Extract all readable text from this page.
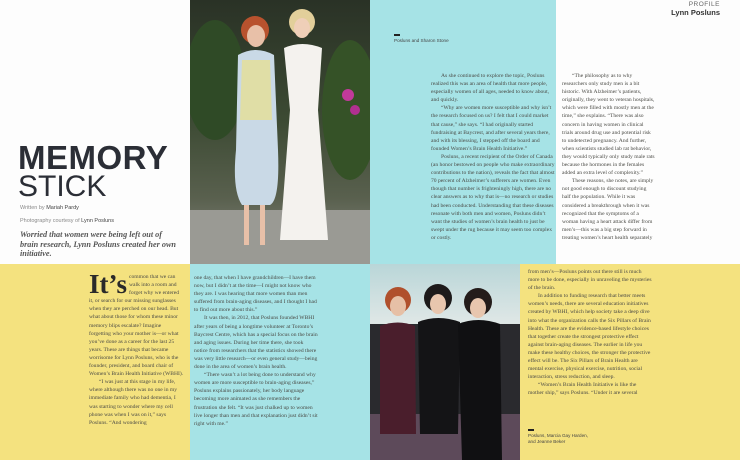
PROFILE
Lynn Posluns
MEMORY
STICK
Written by Mariah Pardy
Photography courtesy of Lynn Posluns
Worried that women were being left out of brain research, Lynn Posluns created her own initiative.
Posluns and Sharon Stone
Posluns, Marcia Gay Harden, and Jeanne Beker

It’s common that we can walk into a room and forget why we entered it, or search for our missing sunglasses when they are perched on our head. But what about those for whom these minor memory blips escalate? Imagine forgetting who your mother is—or what you’ve done as a career for the last 25 years. These are things that became worrisome for Lynn Posluns, who is the founder, president, and board chair of Women’s Brain Health Initiative (WBHI).

“I was just at this stage in my life, where although there was no one in my immediate family who had dementia, I was starting to wonder where my cell phone was when I was on it,” says Posluns. “And wondering

one day, that when I have grandchildren—I have them now, but I didn’t at the time—I might not know who they are. I was hearing that more women than men suffered from brain-aging diseases, and I thought I had to find out more about this.”

It was then, in 2012, that Posluns founded WBHI after years of being a longtime volunteer at Toronto’s Baycrest Centre, which has a special focus on the brain and aging issues. During her time there, she took notice from researchers that the statistics showed there was very little research—or even general study—being done in the area of women’s brain health.

“There wasn’t a lot being done to understand why women are more susceptible to brain-aging diseases,” Posluns explains passionately, her body language becoming more animated as she remembers the frustration she felt. “It was just chalked up to women live longer than men and that explanation just didn’t sit right with me.”

As she continued to explore the topic, Posluns realized this was an area of health that more people, especially women of all ages, needed to know about, and quickly.

“Why are women more susceptible and why isn’t the research focused on us? I felt that I could market that cause,” she says. “I had originally started fundraising at Baycrest, and after several years there, and with its blessing, I stepped off the board and founded Women’s Brain Health Initiative.”

Posluns, a recent recipient of the Order of Canada (an honor bestowed on people who make extraordinary contributions to the nation), reveals the fact that almost 70 percent of Alzheimer’s sufferers are women. Even though that number is frighteningly high, there are no clear answers as to why that is—no research or studies had been conducted. Understanding that these diseases resonate with both men and women, Posluns didn’t want the studies of women’s brain health to just be swept under the rug because it may seem too complex or costly.

“The philosophy as to why researchers only study men is a bit historic. With Alzheimer’s patients, originally, they went to veteran hospitals, which were filled with mostly men at the time,” she explains. “There was also concern in having women in clinical trials around drug use and potential risk to undetected pregnancy. And further, when scientists studied lab rat behavior, they would typically only study male rats because the hormones in the females added an extra level of complexity.”

These reasons, she notes, are simply not good enough to discount studying half the population. While it was considered a breakthrough when it was recognized that the symptoms of a woman having a heart attack differ from men’s—this was a big step forward in treating women’s heart health separately

from men’s—Posluns points out there still is much more to be done, especially in unraveling the mysteries of the brain.

In addition to funding research that better meets women’s needs, there are several education initiatives created by WBHI, which help society take a deep dive into what the organization calls the Six Pillars of Brain Health. These are the evidence-based lifestyle choices that together create the strongest protective effect against brain-aging diseases. The earlier in life you make these healthy choices, the stronger the protective effect will be. The Six Pillars of Brain Health are mental exercise, physical exercise, nutrition, social interaction, stress reduction, and sleep.

“Women’s Brain Health Initiative is like the mother ship,” says Posluns. “Under it are several
